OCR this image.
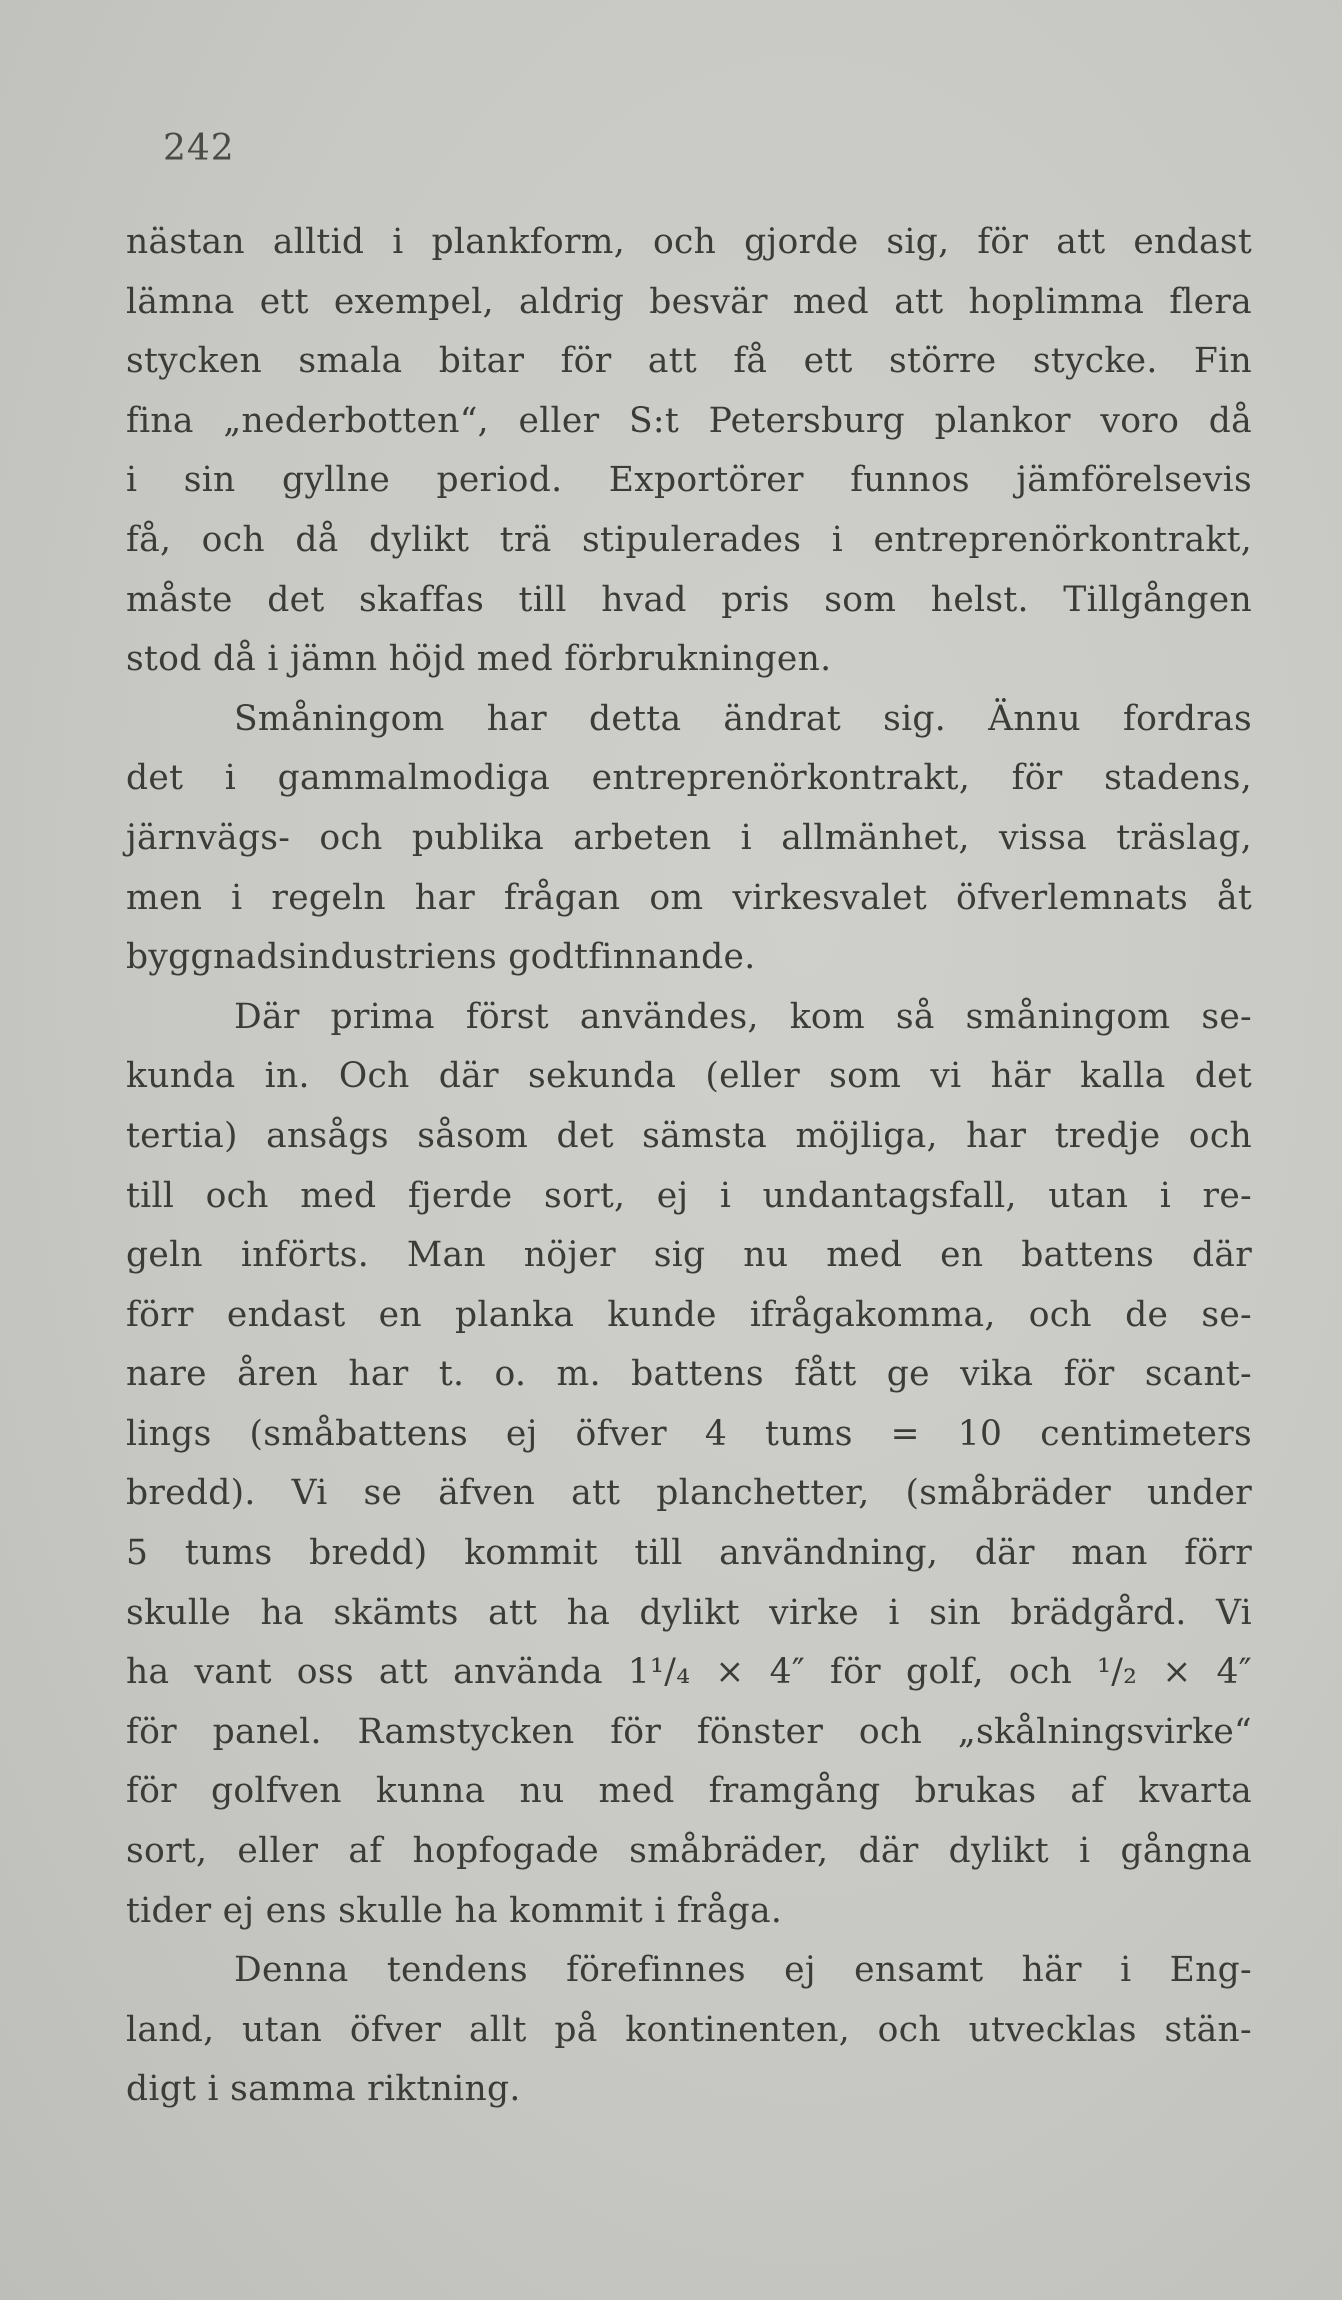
242
nästan alltid i plankform, och gjorde sig, för att endast
lämna ett exempel, aldrig besvär med att hoplimma flera
stycken smala bitar för att få ett större stycke. Fin
fina „nederbotten“, eller S:t Petersburg plankor voro då
i sin gyllne period. Exportörer funnos jämförelsevis
få, och då dylikt trä stipulerades i entreprenörkontrakt,
måste det skaffas till hvad pris som helst. Tillgången
stod då i jämn höjd med förbrukningen.
Småningom har detta ändrat sig. Ännu fordras
det i gammalmodiga entreprenörkontrakt, för stadens,
järnvägs- och publika arbeten i allmänhet, vissa träslag,
men i regeln har frågan om virkesvalet öfverlemnats åt
byggnadsindustriens godtfinnande.
Där prima först användes, kom så småningom se-
kunda in. Och där sekunda (eller som vi här kalla det
tertia) ansågs såsom det sämsta möjliga, har tredje och
till och med fjerde sort, ej i undantagsfall, utan i re-
geln införts. Man nöjer sig nu med en battens där
förr endast en planka kunde ifrågakomma, och de se-
nare åren har t. o. m. battens fått ge vika för scant-
lings (småbattens ej öfver 4 tums = 10 centimeters
bredd). Vi se äfven att planchetter, (småbräder under
5 tums bredd) kommit till användning, där man förr
skulle ha skämts att ha dylikt virke i sin brädgård. Vi
ha vant oss att använda 1¹/₄ × 4″ för golf, och ¹/₂ × 4″
för panel. Ramstycken för fönster och „skålningsvirke“
för golfven kunna nu med framgång brukas af kvarta
sort, eller af hopfogade småbräder, där dylikt i gångna
tider ej ens skulle ha kommit i fråga.
Denna tendens förefinnes ej ensamt här i Eng-
land, utan öfver allt på kontinenten, och utvecklas stän-
digt i samma riktning.
